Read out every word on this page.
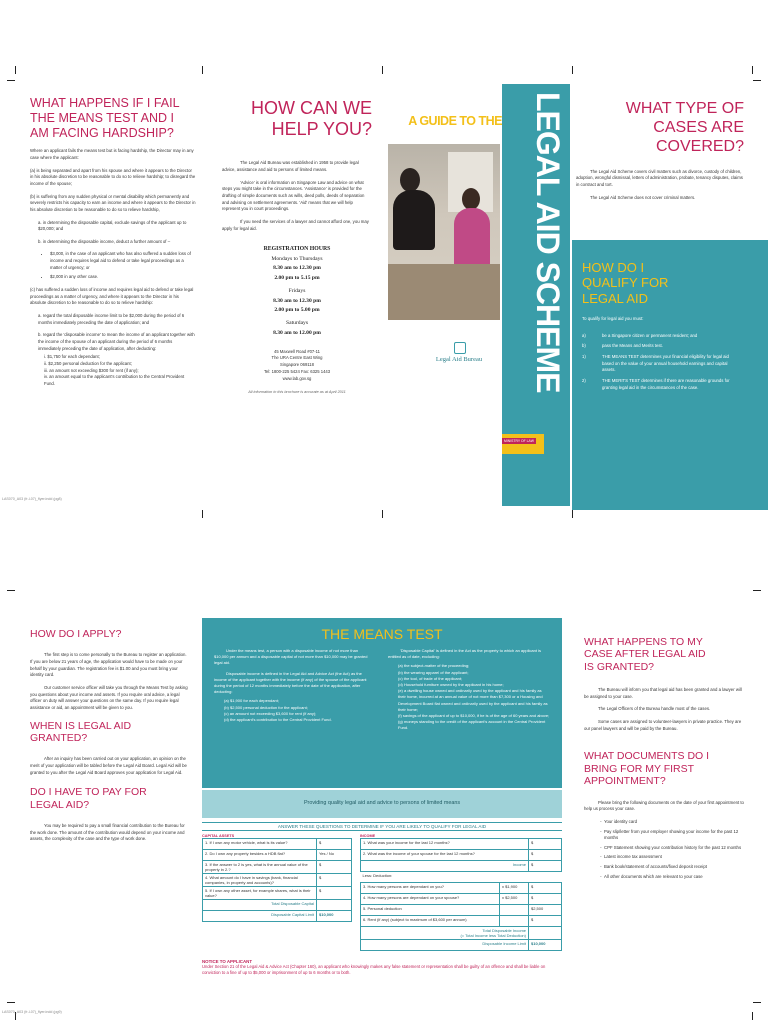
WHAT HAPPENS IF I FAIL THE MEANS TEST AND I AM FACING HARDSHIP?

Where an applicant fails the means test but is facing hardship, the Director may in any case where the applicant:

(a) is being separated and apart from his spouse and where it appears to the Director in his absolute discretion to be reasonable to do so to relieve hardship; to disregard the income of the spouse;

(b) is suffering from any sudden physical or mental disability which permanently and severely restricts his capacity to earn an income and where it appears to the Director in his absolute discretion to be reasonable to do so to relieve hardship,

a. in determining the disposable capital, exclude savings of the applicant up to $20,000; and

b. in determining the disposable income, deduct a further amount of –

• $3,000, in the case of an applicant who has also suffered a sudden loss of income and requires legal aid to defend or take legal proceedings as a matter of urgency; or
• $2,000 in any other case.

(c) has suffered a sudden loss of income and requires legal aid to defend or take legal proceedings as a matter of urgency, and where it appears to the Director in his absolute discretion to be reasonable to do so to relieve hardship:

a. regard the total disposable income limit to be $2,000 during the period of 6 months immediately preceding the date of application; and

b. regard the 'disposable income' to mean the income of an applicant together with the income of the spouse of an applicant during the period of 6 months immediately preceding the date of application, after deducting:

i. $1,750 for each dependant;
ii. $2,250 personal deduction for the applicant;
iii. an amount not exceeding $300 for rent (if any);
iv. an amount equal to the applicant's contribution to the Central Provident Fund.
LAS070_A03 (fr-l-07)_flyer.indd (pg8)
HOW CAN WE HELP YOU?

The Legal Aid Bureau was established in 1958 to provide legal advice, assistance and aid to persons of limited means.

'Advice' is oral information on Singapore Law and advice on what steps you might take in the circumstances. 'Assistance' is provided for the drafting of simple documents such as wills, deed polls, deeds of separation and advising on settlement agreements. 'Aid' means that we will help represent you in court proceedings.

If you need the services of a lawyer and cannot afford one, you may apply for legal aid.

REGISTRATION HOURS
Mondays to Thursdays
8.30 am to 12.30 pm
2.00 pm to 5.15 pm
Fridays
8.30 am to 12.30 pm
2.00 pm to 5.00 pm
Saturdays
8.30 am to 12.00 pm
45 Maxwell Road #07-11
The URA Centre East Wing
Singapore 069118
Tel: 1800-225 5424 Fax: 6325 1443
www.lab.gov.sg
All information in this brochure is accurate as at April 2011	LEGAL AID SCHEME
A GUIDE TO THE
Legal Aid Bureau
MINISTRY OF LAW
WHAT TYPE OF CASES ARE COVERED?

The Legal Aid Scheme covers civil matters such as divorce, custody of children, adoption, wrongful dismissal, letters of administration, probate, tenancy disputes, claims in contract and tort.

The Legal Aid Scheme does not cover criminal matters.

HOW DO I QUALIFY FOR LEGAL AID
To qualify for legal aid you must:
a)	be a Singapore citizen or permanent resident; and
b)	pass the Means and Merits test.
1)	THE MEANS TEST determines your financial eligibility for legal aid based on the value of your annual household earnings and capital assets.
2)	THE MERITS TEST determines if there are reasonable grounds for granting legal aid in the circumstances of the case.
HOW DO I APPLY?

The first step is to come personally to the Bureau to register an application. If you are below 21 years of age, the application would have to be made on your behalf by your guardian. The registration fee is $1.00 and you must bring your identity card.

Our customer service officer will take you through the Means Test by asking you questions about your income and assets. If you require oral advice, a legal officer on duty will answer your questions on the same day. If you require legal assistance or aid, an appointment will be given to you.

WHEN IS LEGAL AID GRANTED?

After an inquiry has been carried out on your application, an opinion on the merit of your application will be tabled before the Legal Aid Board. Legal Aid will be granted to you after the Legal Aid Board approves your application for Legal Aid.

DO I HAVE TO PAY FOR LEGAL AID?

You may be required to pay a small financial contribution to the Bureau for the work done. The amount of the contribution would depend on your income and assets, the complexity of the case and the type of work done.

LAS070_A03 (fr-l-07)_flyer.indd (pg9)
THE MEANS TEST
Under the means test, a person with a disposable income of not more than $10,000 per annum and a disposable capital of not more than $10,000 may be granted legal aid.
Disposable income is defined in the Legal Aid and Advice Act (the Act) as the income of the applicant together with the income (if any) of the spouse of the applicant during the period of 12 months immediately before the date of the application, after deducting:
(a) $1,900 for each dependant;
(b) $2,500 personal deduction for the applicant;
(c) an amount not exceeding $3,600 for rent (if any);
(d) the applicant's contribution to the Central Provident Fund.
'Disposable Capital' is defined in the Act as the property to which an applicant is entitled as of date, excluding:
(a) the subject-matter of the proceeding;
(b) the wearing apparel of the applicant;
(c) the tool, of trade of the applicant;
(d) Household furniture owned by the applicant in his home;
(e) a dwelling house owned and ordinarily used by the applicant and his family as their home, incurred at an annual value of not more than $7,300 or a Housing and Development Board flat owned and ordinarily used by the applicant and his family as their home;
(f) savings of the applicant of up to $10,000, if he is of the age of 60 years and above;
(g) moneys standing to the credit of the applicant's account in the Central Provident Fund.
Providing quality legal aid and advice to persons of limited means
ANSWER THESE QUESTIONS TO DETERMINE IF YOU ARE LIKELY TO QUALIFY FOR LEGAL AID
CAPITAL ASSETS
1. If I own any motor vehicle, what is its value?	$
2. Do I own any property besides a HDB flat?	Yes / No
3. If the answer to 2 is yes, what is the annual value of the property in 2.?	$
4. What amount do I have in savings (bank, financial companies, in property and accounts)?	$
5. If I own any other asset, for example shares, what is their value?	$
Total Disposable Capital	
Disposable Capital Limit	$10,000
INCOME
1. What was your income for the last 12 months?		$
2. What was the income of your spouse for the last 12 months?		$
Income		$
Less: Deduction:		
3. How many persons are dependant on you?	x $1,900	$
4. How many persons are dependant on your spouse?	x $2,500	$
5. Personal deduction		$2,500
6. Rent (if any) (subject to maximum of $3,600 per annum)		$
Total Disposable Income
(= Total Income less Total Deduction)		
Disposable Income Limit		$10,000
NOTICE TO APPLICANT
Under Section 21 of the Legal Aid & Advice Act (Chapter 160), an applicant who knowingly makes any false statement or representation shall be guilty of an offence and shall be liable on conviction to a fine of up to $5,000 or imprisonment of up to 6 months or to both.
WHAT HAPPENS TO MY CASE AFTER LEGAL AID IS GRANTED?

The Bureau will inform you that legal aid has been granted and a lawyer will be assigned to your case.

The Legal Officers of the Bureau handle most of the cases.

Some cases are assigned to volunteer-lawyers in private practice. They are our panel lawyers and will be paid by the Bureau.

WHAT DOCUMENTS DO I BRING FOR MY FIRST APPOINTMENT?

Please bring the following documents on the date of your first appointment to help us process your case.

- Your identity card
- Pay slip/letter from your employer showing your income for the past 12 months
- CPF Statement showing your contribution history for the past 12 months
- Latest income tax assessment
- Bank book/statement of accounts/fixed deposit receipt
- All other documents which are relevant to your case
